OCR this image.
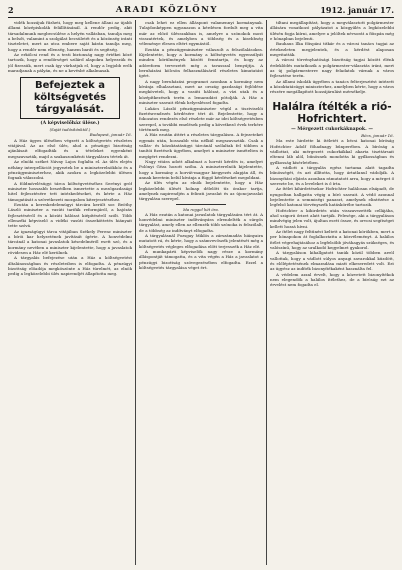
2	ARADI KÖZLÖNY	1912. január 17.

vidék hozzájuk fűzheti, hogy meg kellene állani az újabb állami középiskolák felállításánál. A rendőr pedig, akit társadalmunk megbecsülése a helyén vallásban, tanulja meg a belsőt, valamint a szolgálat becsületét és a közönség iránti tiszteletet, mert az utca embere saját kárán tanulja meg, hogy a rendőr nem ellenség, hanem barát és segítség.

Az erkölcsi rend és a testi biztonság nagy értékei közé tartozik, hogy a rendőrséget szilárd alapokra helyezzük és jól fizessük, mert csak így várhatjuk el, hogy a legjobb erők maradjanak a pályán, és ne a kevésbé alkalmasak.

Befejeztek a költségvetés tárgyalását.
(A képviselőház ülése.)
(Saját tudósítónktól.)
Budapest, január 16.

A Ház ügyes ülésében végzett a költségvetés részletes vitájával. Az az első ülés, ahol a pénzügyi bizottság ajánlásait elfogadták és a tételeket egyenként megszavazták, majd a szakaszonkénti tárgyalásra tértek át.

Az elnöki széket Návay Lajos foglalta el. Az ülés elején néhány interpellációt jegyeztek be a miniszterelnökhöz és a pénzügyminiszterhez, akik azokra a legközelebbi ülésen fognak válaszolni.

A földmívelésügyi tárca költségvetéséhez Serényi gróf miniszter hosszabb beszédben ismertette a mezőgazdasági hitel fejlesztésére tett intézkedéseket, és kérte a Ház támogatását a szövetkezeti mozgalom kiterjesztéséhez.

Ezután a kereskedelemügyi tárcára került sor. Beöthy László miniszter a vasúti tarifák reformjáról, a hajózás fejlesztéséről és a közúti hálózat kiépítéséről szólt. Több ellenzéki képviselő a vidéki vasúti összeköttetés hiányait tette szóvá.

Az igazságügyi tárca vitájában Székely Ferenc miniszter a bírói kar helyzetének javítását ígérte. A honvédelmi tárcánál a katonai javaslatok késedelméről esett szó, és a kormány nevében a miniszter kijelentette, hogy a javaslatok rövidesen a Ház elé kerülnek.

A tárgyalás befejezése után a Ház a költségvetést általánosságban és részleteiben is elfogadta. A pénzügyi bizottság előadója megköszönte a Ház türelmét, az elnök pedig a legközelebbi ülés napirendjét állapította meg.

csak lehet ez ellen álláspont valamennyi kormánynak. Tulajdonképpen ugyanazon a kérdésen fordult meg a vita már az előző ülésszakban is, amelyre a szónokok most visszatértek, és amelyben a többség és a kisebbség véleménye élesen eltért egymástól.

Ezután a pénzügyminiszter válaszolt a felszólalásokra. Kijelentette, hogy a kormány a költségvetés egyensúlyát minden körülmények között fenntartja, és hogy az adóreform tervezetét még a tavasszal benyújtja. A beruházási kölcsön felhasználásáról részletes kimutatást ígért.

A nagy beruházási programot azonban a kormány nem kívánja elhalasztani, mert az ország gazdasági fejlődése megköveteli, hogy a vasúti hálózat, a vízi utak és a középítkezések terén a lemaradást pótolják. A Ház a miniszter szavait élénk helyesléssel fogadta.

Lukács László pénzügyminiszter végül a tisztviselői fizetésrendezés kérdésére tért át. Bejelentette, hogy a fokozatos rendezés első részlete már az idei költségvetésben szerepel, a további emelések pedig a következő évek terhére történnek meg.

A Ház ezután áttért a részletes tárgyalásra. A fejezeteket egymás után, hosszabb vita nélkül megszavazták. Csak a vallás- és közoktatásügyi tárcánál szólaltak fel többen a tanítói fizetések ügyében, amelyet a miniszter ismételten is megígért rendezni.

Nagy vitára adott alkalmat a horvát kérdés is, amelyet Polónyi Géza hozott szóba. A miniszterelnök kijelentette, hogy a kormány a horvát-magyar kiegyezés alapján áll, és annak keretein belül kívánja a függő kérdéseket megoldani.

Az ülés végén az elnök bejelentette, hogy a Ház legközelebbi ülését holnap délelőtt tíz órakor tartja, amelynek napirendjén a felirati javaslat és az újoncjavaslat tárgyalása szerepel.

Ma reggel hét óra.

A Ház ezután a katonai javaslatok tárgyalására tért át. A honvédelmi miniszter indítványára elrendelték a sürgős tárgyalást, amely ellen az ellenzék több szónoka is felszólalt, de a többség az indítványt elfogadta.

A tárgyalásnál Pozsgay Miklós a zárszámadás hiányaira mutatott rá, és kérte, hogy a számvevőszék jelentését még a költségvetés végleges elfogadása előtt terjesszék a Ház elé.

A munkapárti képviselők nagy része a kormány álláspontját támogatta, és a vita végén a Ház a javaslatot a pénzügyi bizottság szövegezésében elfogadta. Ezzel a költségvetés tárgyalása véget ért.

tiltani megállapítást, hogy a megválasztott polgármester állására vonatkozó pályázatot a közgyűlés a legközelebbi ülésén fogja kiírni, amelyre a jelöltek névsorát a főispán még e hónapban bejelenti.

Bauhaus Ilka főispáni titkár és a városi tanács tagjai az értekezleten megjelentek, és a kérdést alaposan megvitatták.

A városi törvényhatósági bizottság tagjai között élénk érdeklődés mutatkozik a polgármester-választás iránt, mert az új polgármesterre nagy feladatok várnak a város fejlesztése terén.

Az állami iskolák ügyében a tanács felterjesztést intézett a közoktatásügyi miniszterhez, amelyben kérte, hogy a város részére megállapított hozzájárulást mérsékelje.

Halálra ítélték a rió-Hofrichtert.
— Mérgezett cukorkáknapok. —
Bécs, január 16.

Ma este hirdette ki ítéletét a bécsi katonai bíróság Hofrichter Adolf főhadnagy bűnperében. A bíróság a vádlottat, aki mérgezett cukorkákkal akarta tiszttársait eltenni láb alól, bűnösnek mondotta ki gyilkosságban és gyilkosság kísérletében.

A vádlott a tárgyalás egész tartama alatt tagadta bűnösségét, és azt állította, hogy ártatlanul vádolják. A bizonyítási eljárás azonban rámutatott arra, hogy a mérget ő szerezte be, és a leveleket is ő írta.

Az ítélet kihirdetésekor Hofrichter halálosan elsápadt, de nyugodtan hallgatta végig a bíró szavait. A védő azonnal bejelentette a semmiségi panaszt, amelynek elintézése a legfelső katonai törvényszék hatáskörébe tartozik.

Hofrichter a kihirdetés után visszavezették cellájába, ahol szigorú őrizet alatt tartják. Felesége, aki a tárgyaláson mindvégig jelen volt, ájultan esett össze, és orvosi segítséget kellett hozzá hívni.

Az ítélet nagy feltűnést keltett a katonai körökben, mert a per hónapokon át foglalkoztatta a közvéleményt. A halálos ítélet végrehajtásához a legfelsőbb jóváhagyás szükséges, és valószínű, hogy az uralkodó kegyelmet gyakorol.

A tárgyaláson kihallgatott tanúk közül többen arról vallottak, hogy a vádlott súlyos anyagi zavarokkal küzdött, és előléptetésének elmaradása miatt elkeseredett volt. Ezt az ügyész az indíték bizonyítékaként használta fel.

A védelem azzal érvelt, hogy a közvetett bizonyítékok nem elegendők a halálos ítélethez, de a bíróság ezt az érvelést nem fogadta el.
